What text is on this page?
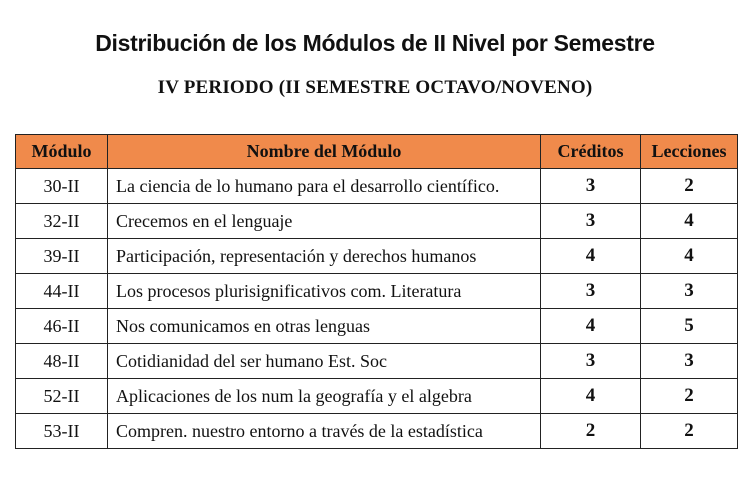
Distribución de los Módulos de II Nivel por Semestre
IV PERIODO (II SEMESTRE OCTAVO/NOVENO)
Módulo	Nombre del Módulo	Créditos	Lecciones
30-II	La ciencia de lo humano para el desarrollo científico.	3	2
32-II	Crecemos en el lenguaje	3	4
39-II	Participación, representación y derechos humanos	4	4
44-II	Los procesos plurisignificativos com. Literatura	3	3
46-II	Nos comunicamos en otras lenguas	4	5
48-II	Cotidianidad del ser humano Est. Soc	3	3
52-II	Aplicaciones de los num la geografía y el algebra	4	2
53-II	Compren. nuestro entorno a través de la estadística	2	2
